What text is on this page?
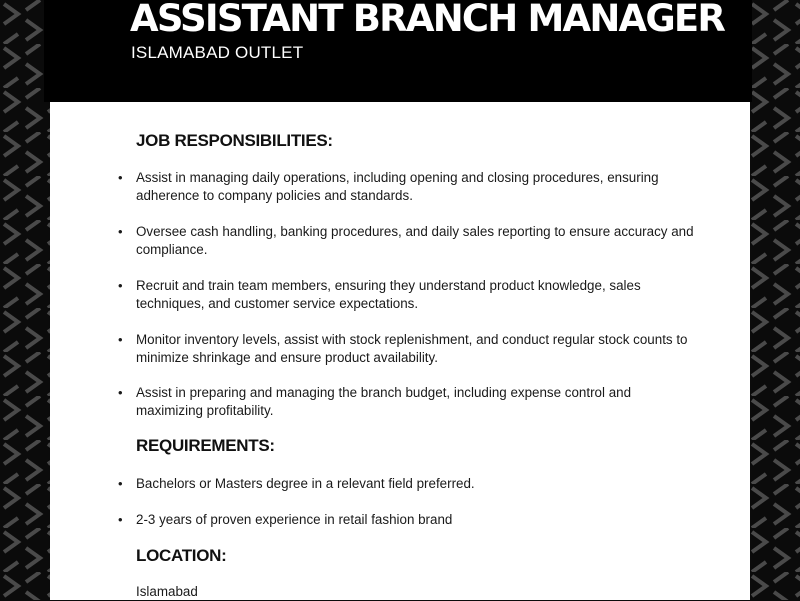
ASSISTANT BRANCH MANAGER
ISLAMABAD OUTLET
JOB RESPONSIBILITIES:
• Assist in managing daily operations, including opening and closing procedures, ensuring adherence to company policies and standards.
• Oversee cash handling, banking procedures, and daily sales reporting to ensure accuracy and compliance.
• Recruit and train team members, ensuring they understand product knowledge, sales techniques, and customer service expectations.
• Monitor inventory levels, assist with stock replenishment, and conduct regular stock counts to minimize shrinkage and ensure product availability.
• Assist in preparing and managing the branch budget, including expense control and maximizing profitability.
REQUIREMENTS:
• Bachelors or Masters degree in a relevant field preferred.
• 2-3 years of proven experience in retail fashion brand
LOCATION:
Islamabad
